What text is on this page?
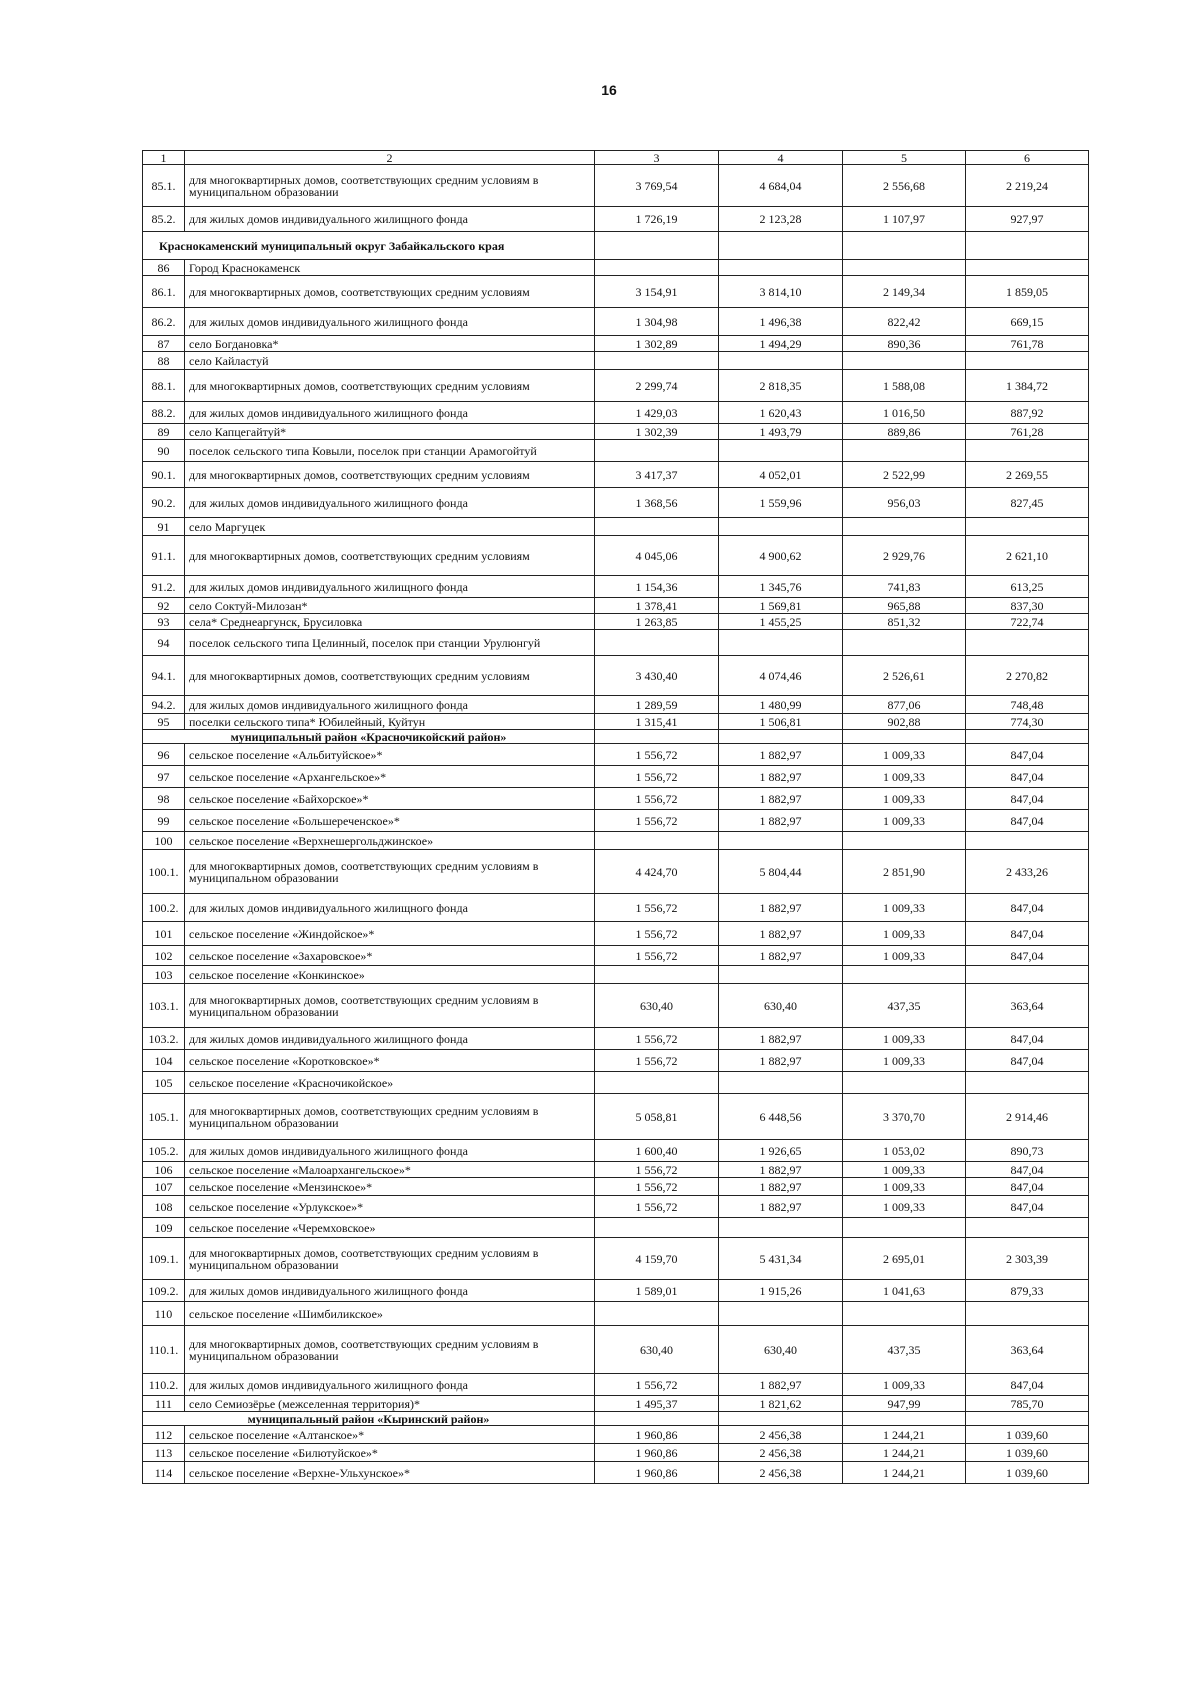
16
1	2	3	4	5	6
85.1.	для многоквартирных домов, соответствующих средним условиям в муниципальном образовании	3 769,54	4 684,04	2 556,68	2 219,24
85.2.	для жилых домов индивидуального жилищного фонда	1 726,19	2 123,28	1 107,97	927,97
Краснокаменский муниципальный округ Забайкальского края					
86	Город Краснокаменск				
86.1.	для многоквартирных домов, соответствующих средним условиям	3 154,91	3 814,10	2 149,34	1 859,05
86.2.	для жилых домов индивидуального жилищного фонда	1 304,98	1 496,38	822,42	669,15
87	село Богдановка*	1 302,89	1 494,29	890,36	761,78
88	село Кайластуй				
88.1.	для многоквартирных домов, соответствующих средним условиям	2 299,74	2 818,35	1 588,08	1 384,72
88.2.	для жилых домов индивидуального жилищного фонда	1 429,03	1 620,43	1 016,50	887,92
89	село Капцегайтуй*	1 302,39	1 493,79	889,86	761,28
90	поселок сельского типа Ковыли, поселок при станции Арамогойтуй				
90.1.	для многоквартирных домов, соответствующих средним условиям	3 417,37	4 052,01	2 522,99	2 269,55
90.2.	для жилых домов индивидуального жилищного фонда	1 368,56	1 559,96	956,03	827,45
91	село Маргуцек				
91.1.	для многоквартирных домов, соответствующих средним условиям	4 045,06	4 900,62	2 929,76	2 621,10
91.2.	для жилых домов индивидуального жилищного фонда	1 154,36	1 345,76	741,83	613,25
92	село Соктуй-Милозан*	1 378,41	1 569,81	965,88	837,30
93	села* Среднеаргунск, Брусиловка	1 263,85	1 455,25	851,32	722,74
94	поселок сельского типа Целинный, поселок при станции Урулюнгуй				
94.1.	для многоквартирных домов, соответствующих средним условиям	3 430,40	4 074,46	2 526,61	2 270,82
94.2.	для жилых домов индивидуального жилищного фонда	1 289,59	1 480,99	877,06	748,48
95	поселки сельского типа* Юбилейный, Куйтун	1 315,41	1 506,81	902,88	774,30
муниципальный район «Красночикойский район»					
96	сельское поселение «Альбитуйское»*	1 556,72	1 882,97	1 009,33	847,04
97	сельское поселение «Архангельское»*	1 556,72	1 882,97	1 009,33	847,04
98	сельское поселение «Байхорское»*	1 556,72	1 882,97	1 009,33	847,04
99	сельское поселение «Большереченское»*	1 556,72	1 882,97	1 009,33	847,04
100	сельское поселение «Верхнешергольджинское»				
100.1.	для многоквартирных домов, соответствующих средним условиям в муниципальном образовании	4 424,70	5 804,44	2 851,90	2 433,26
100.2.	для жилых домов индивидуального жилищного фонда	1 556,72	1 882,97	1 009,33	847,04
101	сельское поселение «Жиндойское»*	1 556,72	1 882,97	1 009,33	847,04
102	сельское поселение «Захаровское»*	1 556,72	1 882,97	1 009,33	847,04
103	сельское поселение «Конкинское»				
103.1.	для многоквартирных домов, соответствующих средним условиям в муниципальном образовании	630,40	630,40	437,35	363,64
103.2.	для жилых домов индивидуального жилищного фонда	1 556,72	1 882,97	1 009,33	847,04
104	сельское поселение «Коротковское»*	1 556,72	1 882,97	1 009,33	847,04
105	сельское поселение «Красночикойское»				
105.1.	для многоквартирных домов, соответствующих средним условиям в муниципальном образовании	5 058,81	6 448,56	3 370,70	2 914,46
105.2.	для жилых домов индивидуального жилищного фонда	1 600,40	1 926,65	1 053,02	890,73
106	сельское поселение «Малоархангельское»*	1 556,72	1 882,97	1 009,33	847,04
107	сельское поселение «Мензинское»*	1 556,72	1 882,97	1 009,33	847,04
108	сельское поселение «Урлукское»*	1 556,72	1 882,97	1 009,33	847,04
109	сельское поселение «Черемховское»				
109.1.	для многоквартирных домов, соответствующих средним условиям в муниципальном образовании	4 159,70	5 431,34	2 695,01	2 303,39
109.2.	для жилых домов индивидуального жилищного фонда	1 589,01	1 915,26	1 041,63	879,33
110	сельское поселение «Шимбиликское»				
110.1.	для многоквартирных домов, соответствующих средним условиям в муниципальном образовании	630,40	630,40	437,35	363,64
110.2.	для жилых домов индивидуального жилищного фонда	1 556,72	1 882,97	1 009,33	847,04
111	село Семиозёрье (межселенная территория)*	1 495,37	1 821,62	947,99	785,70
муниципальный район «Кыринский район»					
112	сельское поселение «Алтанское»*	1 960,86	2 456,38	1 244,21	1 039,60
113	сельское поселение «Билютуйское»*	1 960,86	2 456,38	1 244,21	1 039,60
114	сельское поселение «Верхне-Ульхунское»*	1 960,86	2 456,38	1 244,21	1 039,60
